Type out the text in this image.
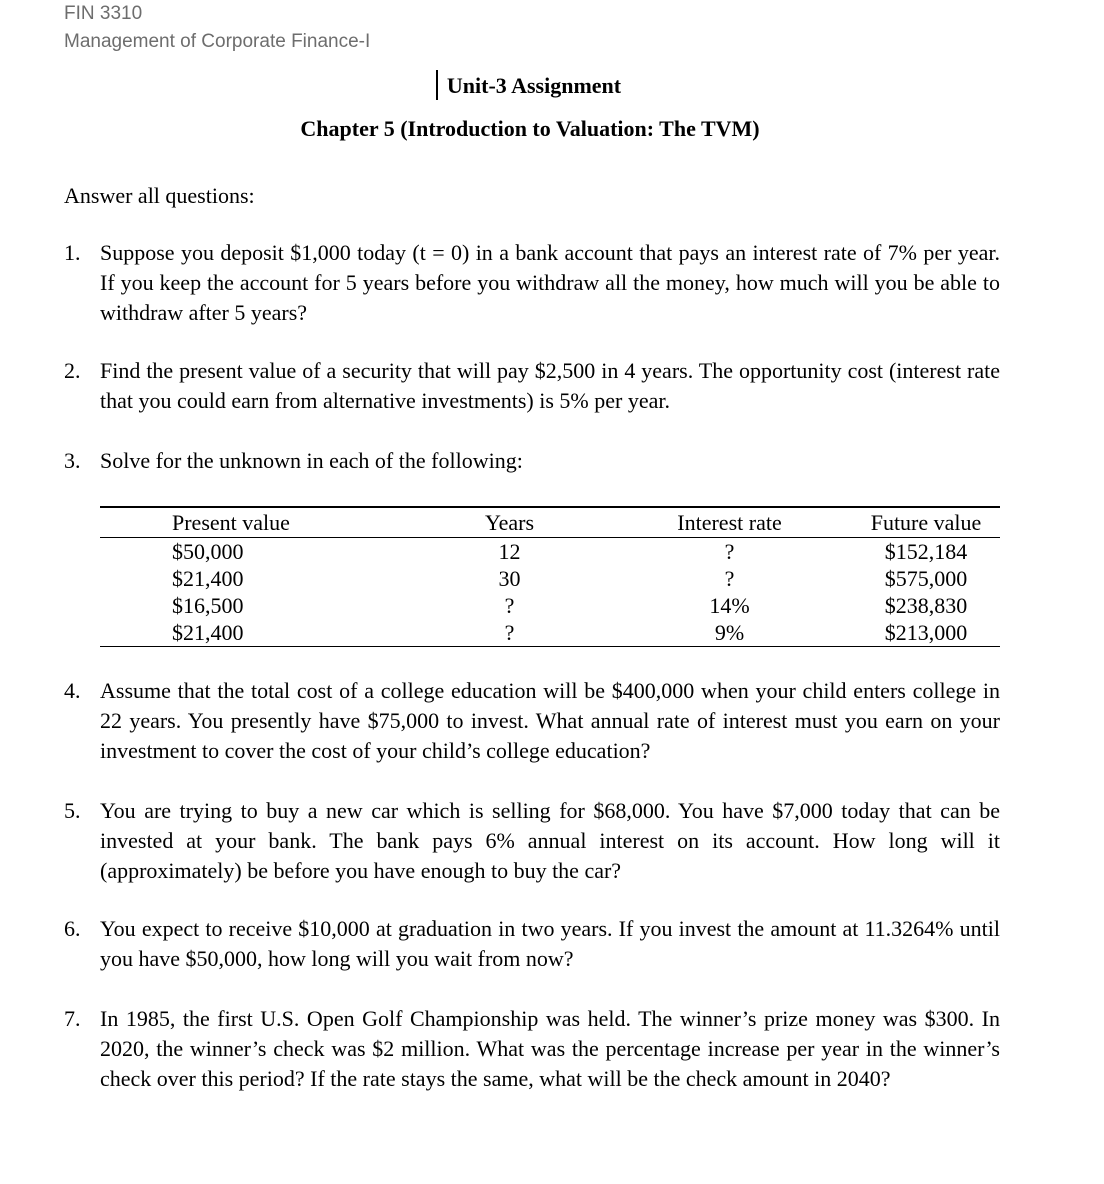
FIN 3310
Management of Corporate Finance-I
Unit-3 Assignment
Chapter 5 (Introduction to Valuation: The TVM)
Answer all questions:
1. Suppose you deposit $1,000 today (t = 0) in a bank account that pays an interest rate of 7% per year. If you keep the account for 5 years before you withdraw all the money, how much will you be able to withdraw after 5 years?
2. Find the present value of a security that will pay $2,500 in 4 years. The opportunity cost (interest rate that you could earn from alternative investments) is 5% per year.
3. Solve for the unknown in each of the following:
Present value	Years	Interest rate	Future value
$50,000	12	?	$152,184
$21,400	30	?	$575,000
$16,500	?	14%	$238,830
$21,400	?	9%	$213,000
4. Assume that the total cost of a college education will be $400,000 when your child enters college in 22 years. You presently have $75,000 to invest. What annual rate of interest must you earn on your investment to cover the cost of your child’s college education?
5. You are trying to buy a new car which is selling for $68,000. You have $7,000 today that can be invested at your bank. The bank pays 6% annual interest on its account. How long will it (approximately) be before you have enough to buy the car?
6. You expect to receive $10,000 at graduation in two years. If you invest the amount at 11.3264% until you have $50,000, how long will you wait from now?
7. In 1985, the first U.S. Open Golf Championship was held. The winner’s prize money was $300. In 2020, the winner’s check was $2 million. What was the percentage increase per year in the winner’s check over this period? If the rate stays the same, what will be the check amount in 2040?
